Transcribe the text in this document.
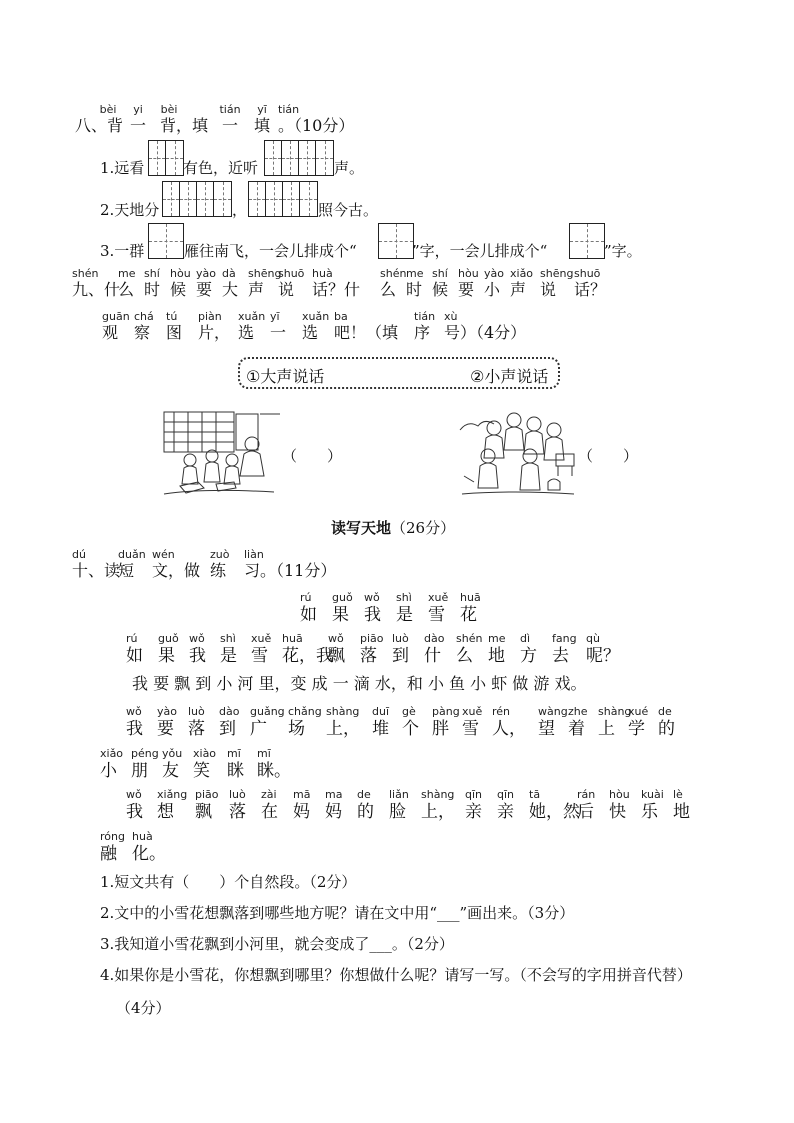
bèi
八、背
yi
一
bèi
背，填
tián
一
yī
填
tián
。（10分）
1.远看	有色，近听	声。
2.天地分	，	照今古。
3.一群	雁往南飞，一会儿排成个“	”字，一会儿排成个“	”字。
shén
九、什
me
么
shí
时
hòu
候
yào
要
dà
大
shēng
声
shuō
说
huà
话？什
shén
么
me
时
shí
候
hòu
要
yào
小
xiǎo
声
shēng
说
shuō
话？
guān
观
chá
察
tú
图
piàn
片，
xuǎn
选
yī
一
xuǎn
选
ba
吧！（填
tián
序
xù
号）（4分）
①大声说话	②小声说话
（　　）	（　　）
读写天地（26分）
dú
十、读
duǎn
短
wén
文，做
zuò
练
liàn
习。（11分）
rú
如
guǒ
果
wǒ
我
shì
是
xuě
雪
huā
花
rú
如
guǒ
果
wǒ
我
shì
是
xuě
雪
huā
花，我
wǒ
飘
piāo
落
luò
到
dào
什
shén
么
me
地
dì
方
fang
去
qù
呢？
我 要 飘 到 小 河 里，变 成 一 滴 水，和 小 鱼 小 虾 做 游 戏。
wǒ
我
yào
要
luò
落
dào
到
guǎng
广
chǎng
场
shàng
上，
duī
堆
gè
个
pàng
胖
xuě
雪
rén
人，
wàng
望
zhe
着
shàng
上
xué
学
de
的
xiǎo
小
péng
朋
yǒu
友
xiào
笑
mī
眯
mī
眯。
wǒ
我
xiǎng
想
piāo
飘
luò
落
zài
在
mā
妈
ma
妈
de
的
liǎn
脸
shàng
上，
qīn
亲
qīn
亲
tā
她，然
rán
后
hòu
快
kuài
乐
lè
地
róng
融
huà
化。
1.短文共有（　　）个自然段。（2分）
2.文中的小雪花想飘落到哪些地方呢？请在文中用“___”画出来。（3分）
3.我知道小雪花飘到小河里，就会变成了___。（2分）
4.如果你是小雪花，你想飘到哪里？你想做什么呢？请写一写。（不会写的字用拼音代替）
（4分）
